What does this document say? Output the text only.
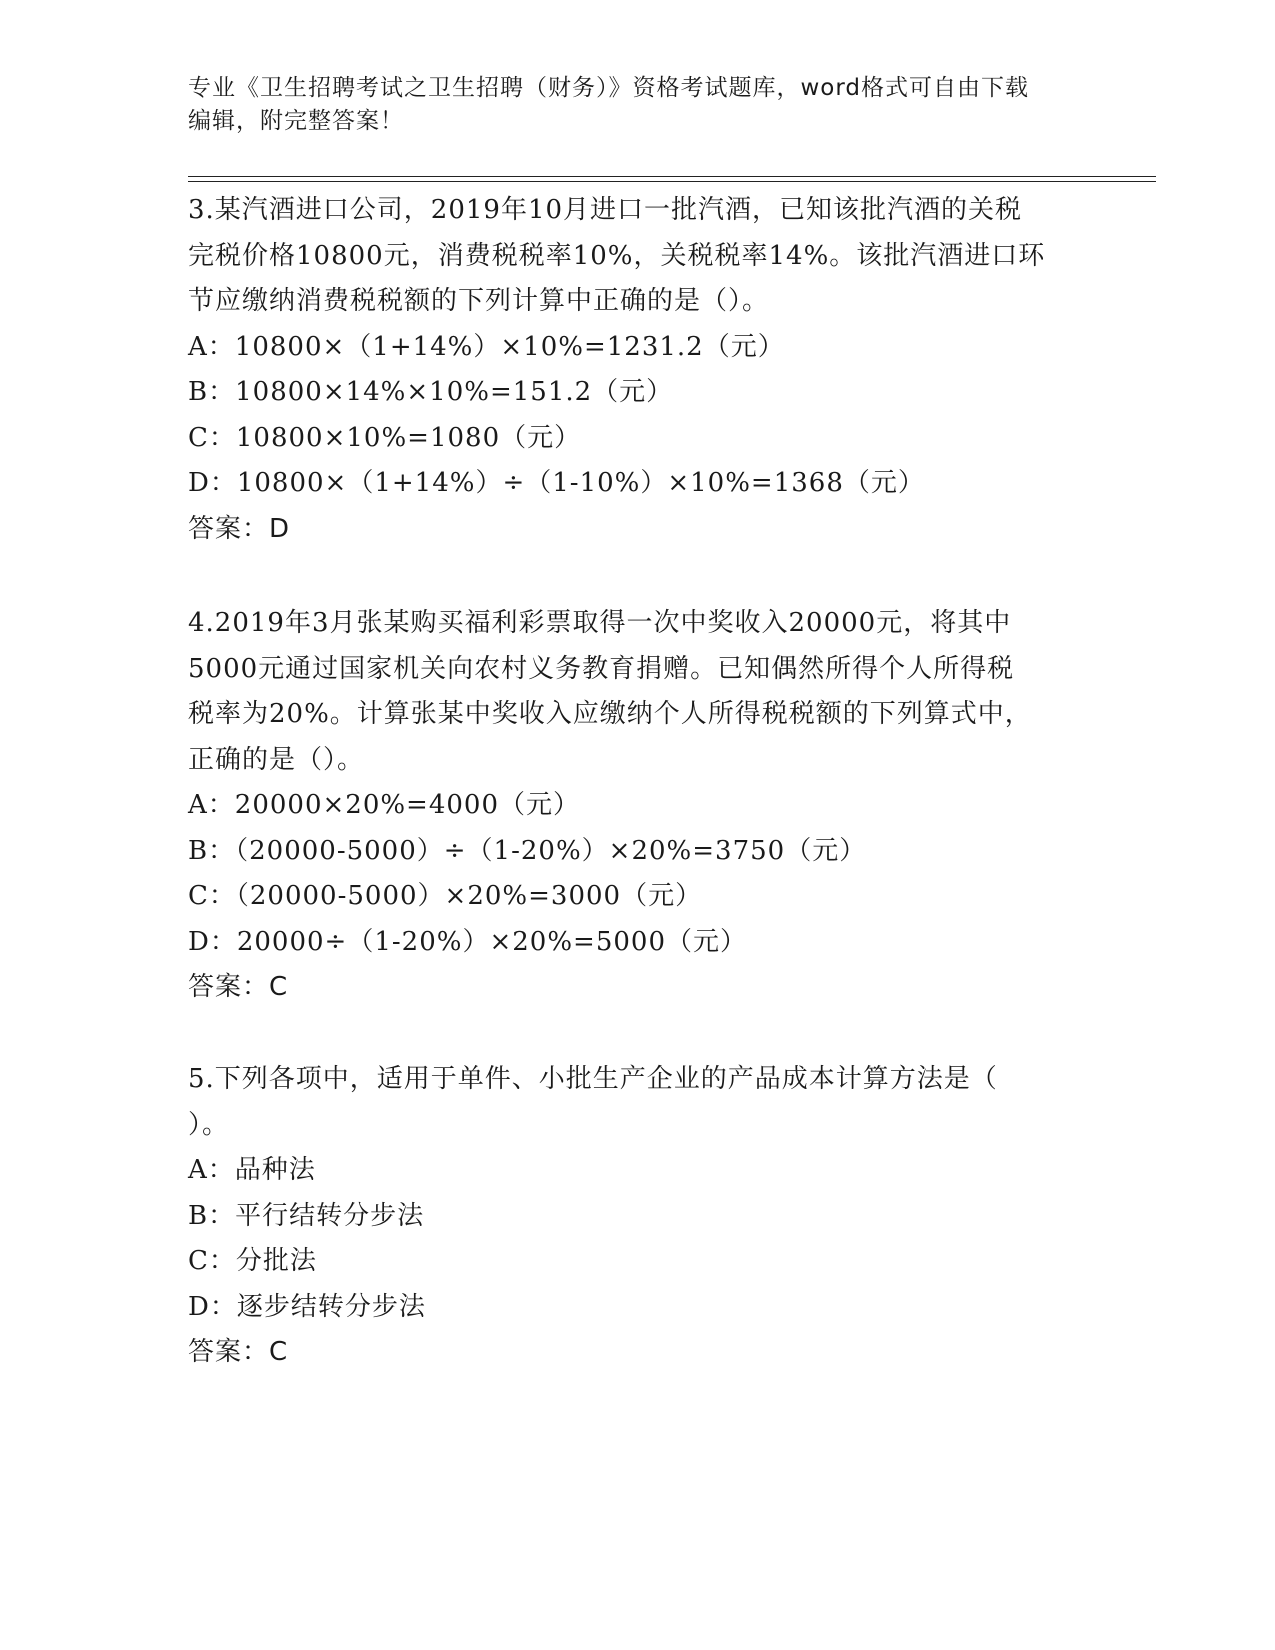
专业《卫生招聘考试之卫生招聘（财务）》资格考试题库，word格式可自由下载
编辑，附完整答案！
3.某汽酒进口公司，2019年10月进口一批汽酒，已知该批汽酒的关税
完税价格10800元，消费税税率10%，关税税率14%。该批汽酒进口环
节应缴纳消费税税额的下列计算中正确的是（）。
A：10800×（1+14%）×10%=1231.2（元）
B：10800×14%×10%=151.2（元）
C：10800×10%=1080（元）
D：10800×（1+14%）÷（1-10%）×10%=1368（元）
答案：D
4.2019年3月张某购买福利彩票取得一次中奖收入20000元，将其中
5000元通过国家机关向农村义务教育捐赠。已知偶然所得个人所得税
税率为20%。计算张某中奖收入应缴纳个人所得税税额的下列算式中，
正确的是（）。
A：20000×20%=4000（元）
B：（20000-5000）÷（1-20%）×20%=3750（元）
C：（20000-5000）×20%=3000（元）
D：20000÷（1-20%）×20%=5000（元）
答案：C
5.下列各项中，适用于单件、小批生产企业的产品成本计算方法是（
）。
A：品种法
B：平行结转分步法
C：分批法
D：逐步结转分步法
答案：C
